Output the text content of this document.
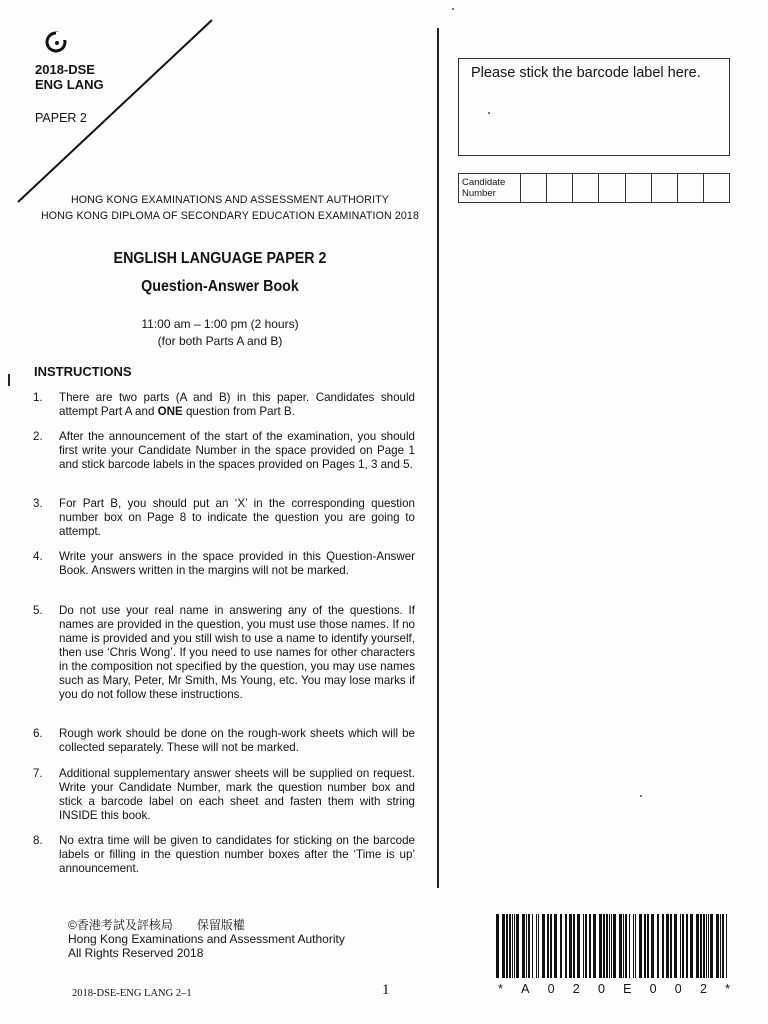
2018-DSE
ENG LANG
PAPER 2
HONG KONG EXAMINATIONS AND ASSESSMENT AUTHORITY
HONG KONG DIPLOMA OF SECONDARY EDUCATION EXAMINATION 2018
ENGLISH LANGUAGE PAPER 2
Question-Answer Book
11:00 am – 1:00 pm (2 hours)
(for both Parts A and B)
INSTRUCTIONS
1. There are two parts (A and B) in this paper. Candidates should attempt Part A and ONE question from Part B.
2. After the announcement of the start of the examination, you should first write your Candidate Number in the space provided on Page 1 and stick barcode labels in the spaces provided on Pages 1, 3 and 5.
3. For Part B, you should put an ‘X’ in the corresponding question number box on Page 8 to indicate the question you are going to attempt.
4. Write your answers in the space provided in this Question-Answer Book. Answers written in the margins will not be marked.
5. Do not use your real name in answering any of the questions. If names are provided in the question, you must use those names. If no name is provided and you still wish to use a name to identify yourself, then use ‘Chris Wong’. If you need to use names for other characters in the composition not specified by the question, you may use names such as Mary, Peter, Mr Smith, Ms Young, etc. You may lose marks if you do not follow these instructions.
6. Rough work should be done on the rough-work sheets which will be collected separately. These will not be marked.
7. Additional supplementary answer sheets will be supplied on request. Write your Candidate Number, mark the question number box and stick a barcode label on each sheet and fasten them with string INSIDE this book.
8. No extra time will be given to candidates for sticking on the barcode labels or filling in the question number boxes after the ‘Time is up’ announcement.
Please stick the barcode label here.
Candidate
Number
©香港考試及評核局　　保留版權
Hong Kong Examinations and Assessment Authority
All Rights Reserved 2018
2018-DSE-ENG LANG 2–1	1	* A 0 2 0 E 0 0 2 *
